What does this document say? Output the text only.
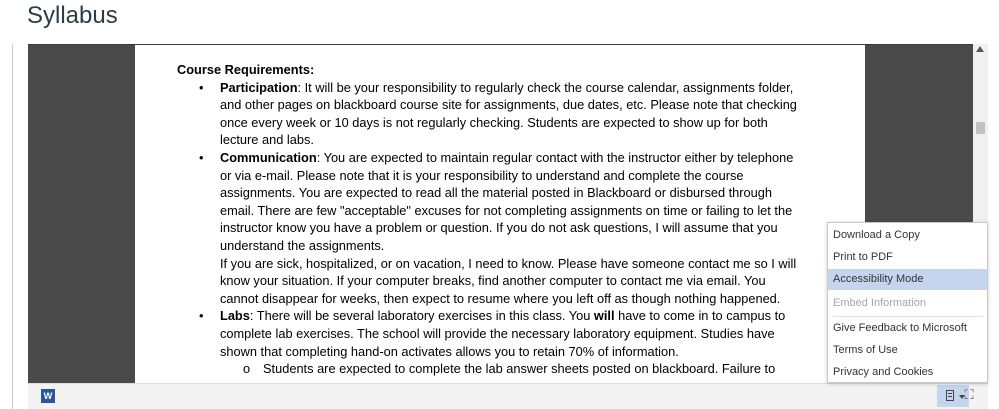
Syllabus
Course Requirements:
• Participation: It will be your responsibility to regularly check the course calendar, assignments folder,
and other pages on blackboard course site for assignments, due dates, etc. Please note that checking
once every week or 10 days is not regularly checking. Students are expected to show up for both
lecture and labs.
• Communication: You are expected to maintain regular contact with the instructor either by telephone
or via e-mail. Please note that it is your responsibility to understand and complete the course
assignments. You are expected to read all the material posted in Blackboard or disbursed through
email. There are few "acceptable" excuses for not completing assignments on time or failing to let the
instructor know you have a problem or question. If you do not ask questions, I will assume that you
understand the assignments.
If you are sick, hospitalized, or on vacation, I need to know. Please have someone contact me so I will
know your situation. If your computer breaks, find another computer to contact me via email. You
cannot disappear for weeks, then expect to resume where you left off as though nothing happened.
• Labs: There will be several laboratory exercises in this class. You will have to come in to campus to
complete lab exercises. The school will provide the necessary laboratory equipment. Studies have
shown that completing hand-on activates allows you to retain 70% of information.
o Students are expected to complete the lab answer sheets posted on blackboard. Failure to
W	⛶
Download a Copy
Print to PDF
Accessibility Mode
Embed Information
Give Feedback to Microsoft
Terms of Use
Privacy and Cookies
